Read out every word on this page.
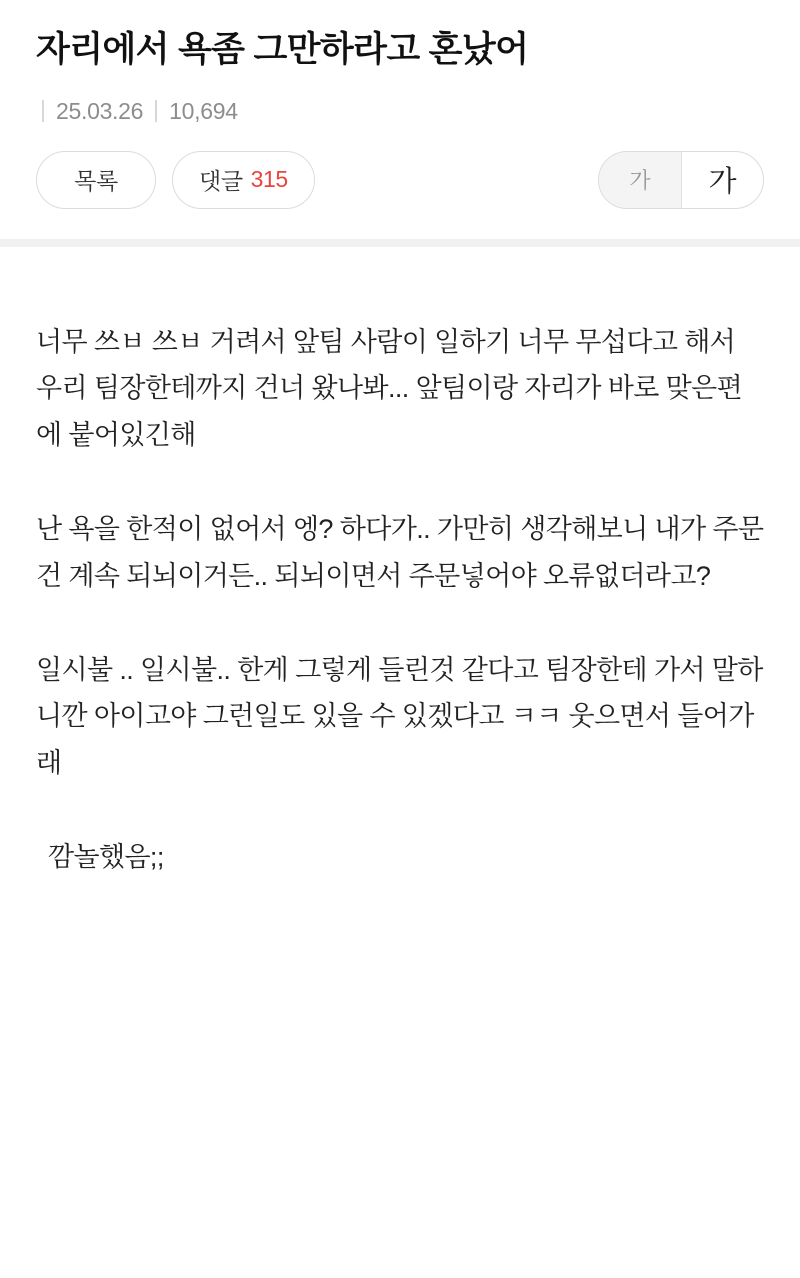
자리에서 욕좀 그만하라고 혼났어
25.03.26 10,694
목록	댓글 315	가 가

너무 쓰ㅂ 쓰ㅂ 거려서 앞팀 사람이 일하기 너무 무섭다고 해서 우리 팀장한테까지 건너 왔나봐... 앞팀이랑 자리가 바로 맞은편에 붙어있긴해

난 욕을 한적이 없어서 엥? 하다가.. 가만히 생각해보니 내가 주문건 계속 되뇌이거든.. 되뇌이면서 주문넣어야 오류없더라고?

일시불 .. 일시불.. 한게 그렇게 들린것 같다고 팀장한테 가서 말하니깐 아이고야 그런일도 있을 수 있겠다고 ㅋㅋ 웃으면서 들어가래

깜놀했음;;
